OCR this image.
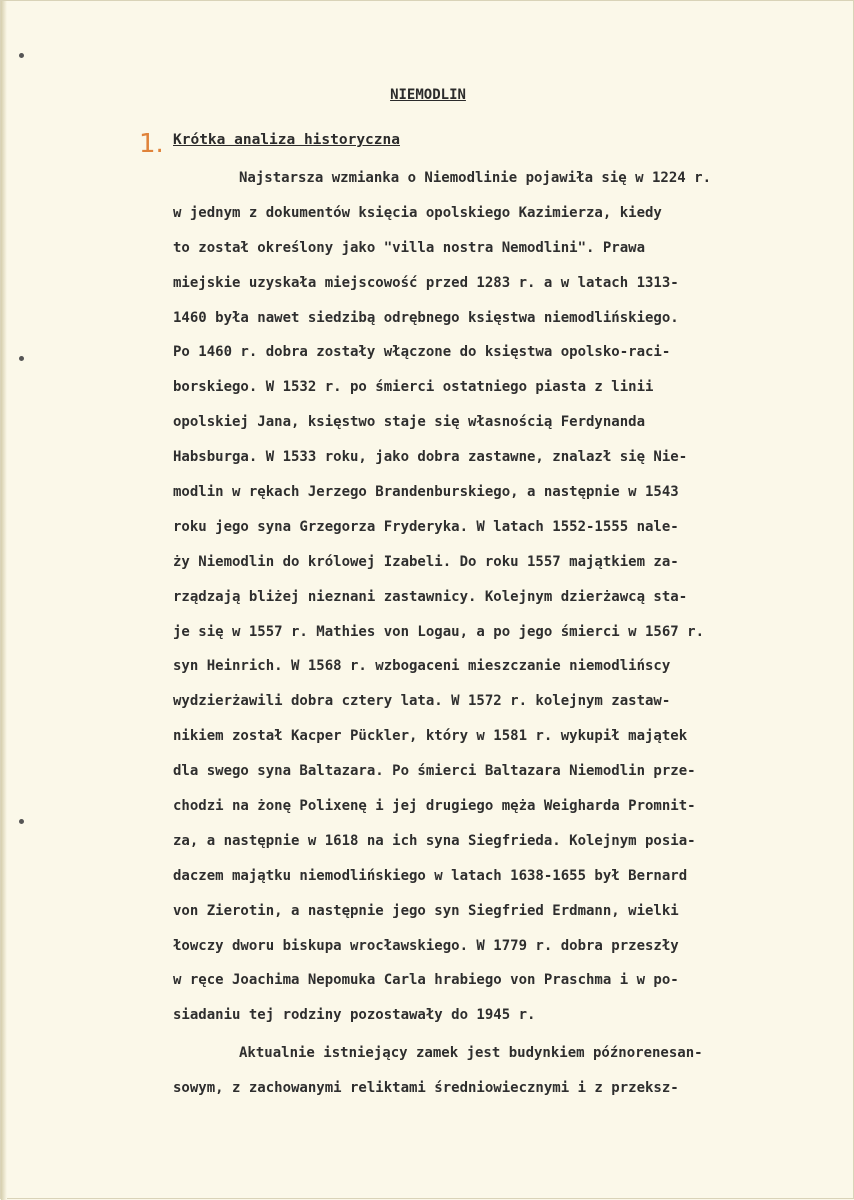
NIEMODLIN
1. Krótka analiza historyczna
Najstarsza wzmianka o Niemodlinie pojawiła się w 1224 r.
w jednym z dokumentów księcia opolskiego Kazimierza, kiedy
to został określony jako "villa nostra Nemodlini". Prawa
miejskie uzyskała miejscowość przed 1283 r. a w latach 1313-
1460 była nawet siedzibą odrębnego księstwa niemodlińskiego.
Po 1460 r. dobra zostały włączone do księstwa opolsko-raci-
borskiego. W 1532 r. po śmierci ostatniego piasta z linii
opolskiej Jana, księstwo staje się własnością Ferdynanda
Habsburga. W 1533 roku, jako dobra zastawne, znalazł się Nie-
modlin w rękach Jerzego Brandenburskiego, a następnie w 1543
roku jego syna Grzegorza Fryderyka. W latach 1552-1555 nale-
ży Niemodlin do królowej Izabeli. Do roku 1557 majątkiem za-
rządzają bliżej nieznani zastawnicy. Kolejnym dzierżawcą sta-
je się w 1557 r. Mathies von Logau, a po jego śmierci w 1567 r.
syn Heinrich. W 1568 r. wzbogaceni mieszczanie niemodlińscy
wydzierżawili dobra cztery lata. W 1572 r. kolejnym zastaw-
nikiem został Kacper Pückler, który w 1581 r. wykupił majątek
dla swego syna Baltazara. Po śmierci Baltazara Niemodlin prze-
chodzi na żonę Polixenę i jej drugiego męża Weigharda Promnit-
za, a następnie w 1618 na ich syna Siegfrieda. Kolejnym posia-
daczem majątku niemodlińskiego w latach 1638-1655 był Bernard
von Zierotin, a następnie jego syn Siegfried Erdmann, wielki
łowczy dworu biskupa wrocławskiego. W 1779 r. dobra przeszły
w ręce Joachima Nepomuka Carla hrabiego von Praschma i w po-
siadaniu tej rodziny pozostawały do 1945 r.
Aktualnie istniejący zamek jest budynkiem późnorenesan-
sowym, z zachowanymi reliktami średniowiecznymi i z przeksz-
